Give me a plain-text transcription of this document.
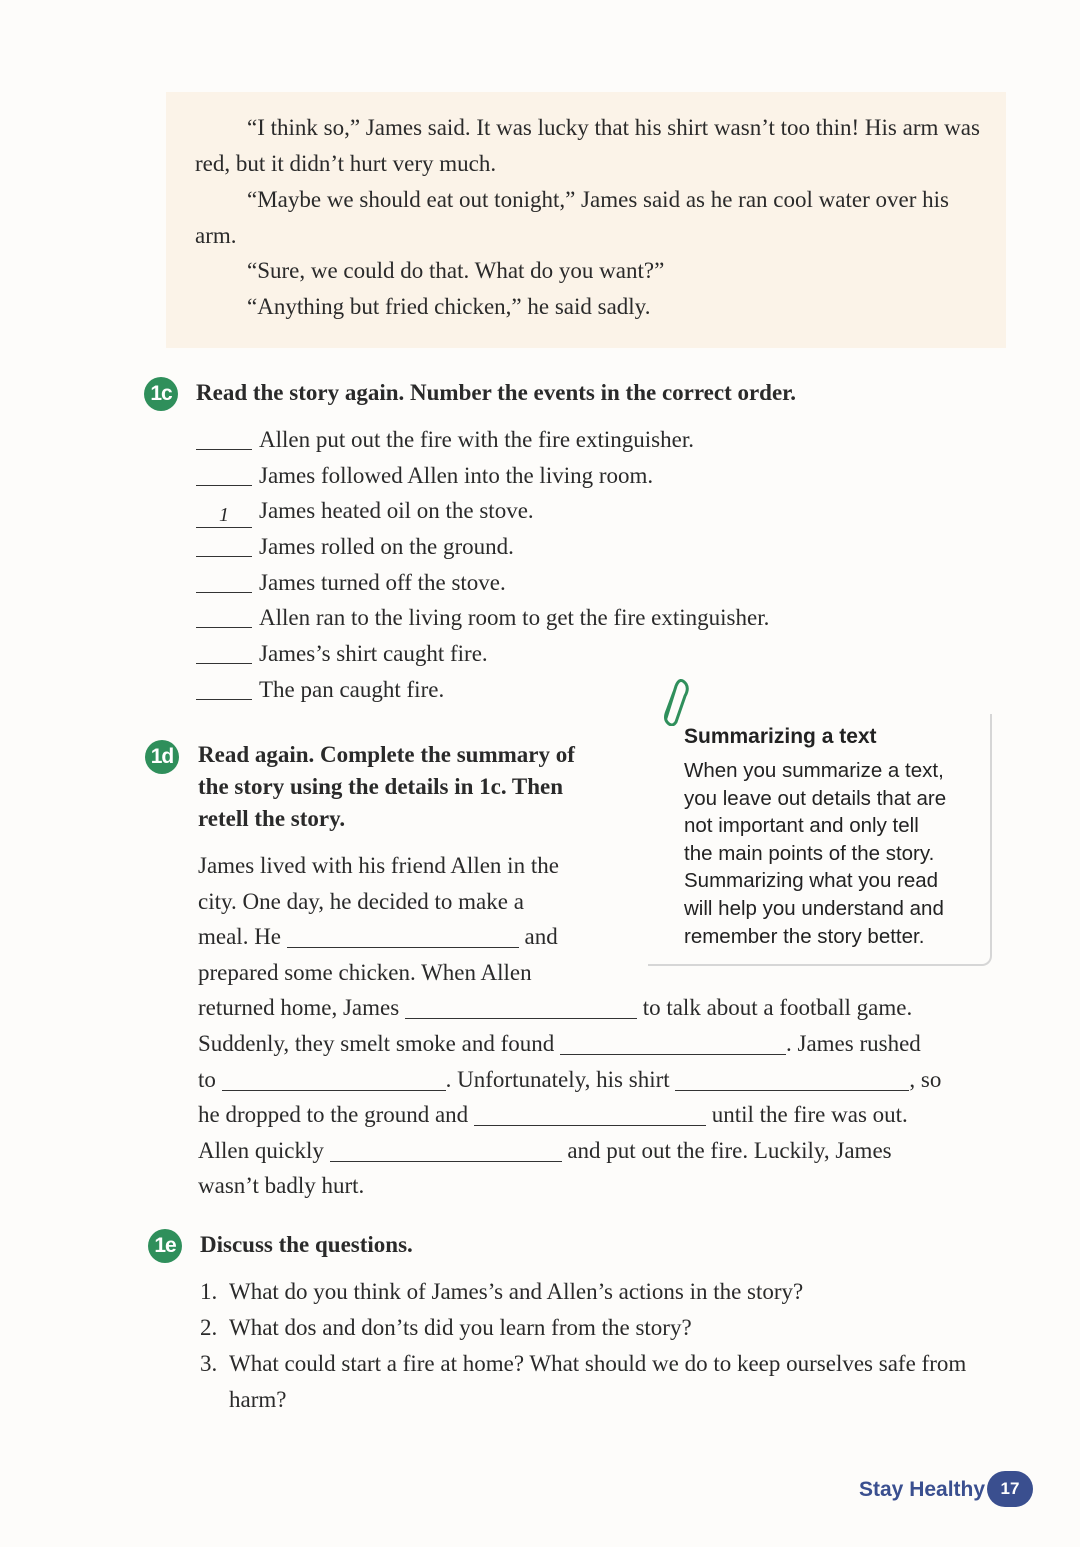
“I think so,” James said. It was lucky that his shirt wasn’t too thin! His arm was red, but it didn’t hurt very much.

“Maybe we should eat out tonight,” James said as he ran cool water over his arm.

“Sure, we could do that. What do you want?”

“Anything but fried chicken,” he said sadly.

1c Read the story again. Number the events in the correct order.

Allen put out the fire with the fire extinguisher.
James followed Allen into the living room.
1 James heated oil on the stove.
James rolled on the ground.
James turned off the stove.
Allen ran to the living room to get the fire extinguisher.
James’s shirt caught fire.
The pan caught fire.
Summarizing a text
When you summarize a text,
you leave out details that are
not important and only tell
the main points of the story.
Summarizing what you read
will help you understand and
remember the story better.
1d Read again. Complete the summary of
the story using the details in 1c. Then
retell the story.
James lived with his friend Allen in the
city. One day, he decided to make a
meal. He	and
prepared some chicken. When Allen
returned home, James	to talk about a football game.
Suddenly, they smelt smoke and found	. James rushed
to	. Unfortunately, his shirt	, so
he dropped to the ground and	until the fire was out.
Allen quickly	and put out the fire. Luckily, James
wasn’t badly hurt.
1e Discuss the questions.

1. What do you think of James’s and Allen’s actions in the story?
2. What dos and don’ts did you learn from the story?
3. What could start a fire at home? What should we do to keep ourselves safe from harm?
Stay Healthy 17
